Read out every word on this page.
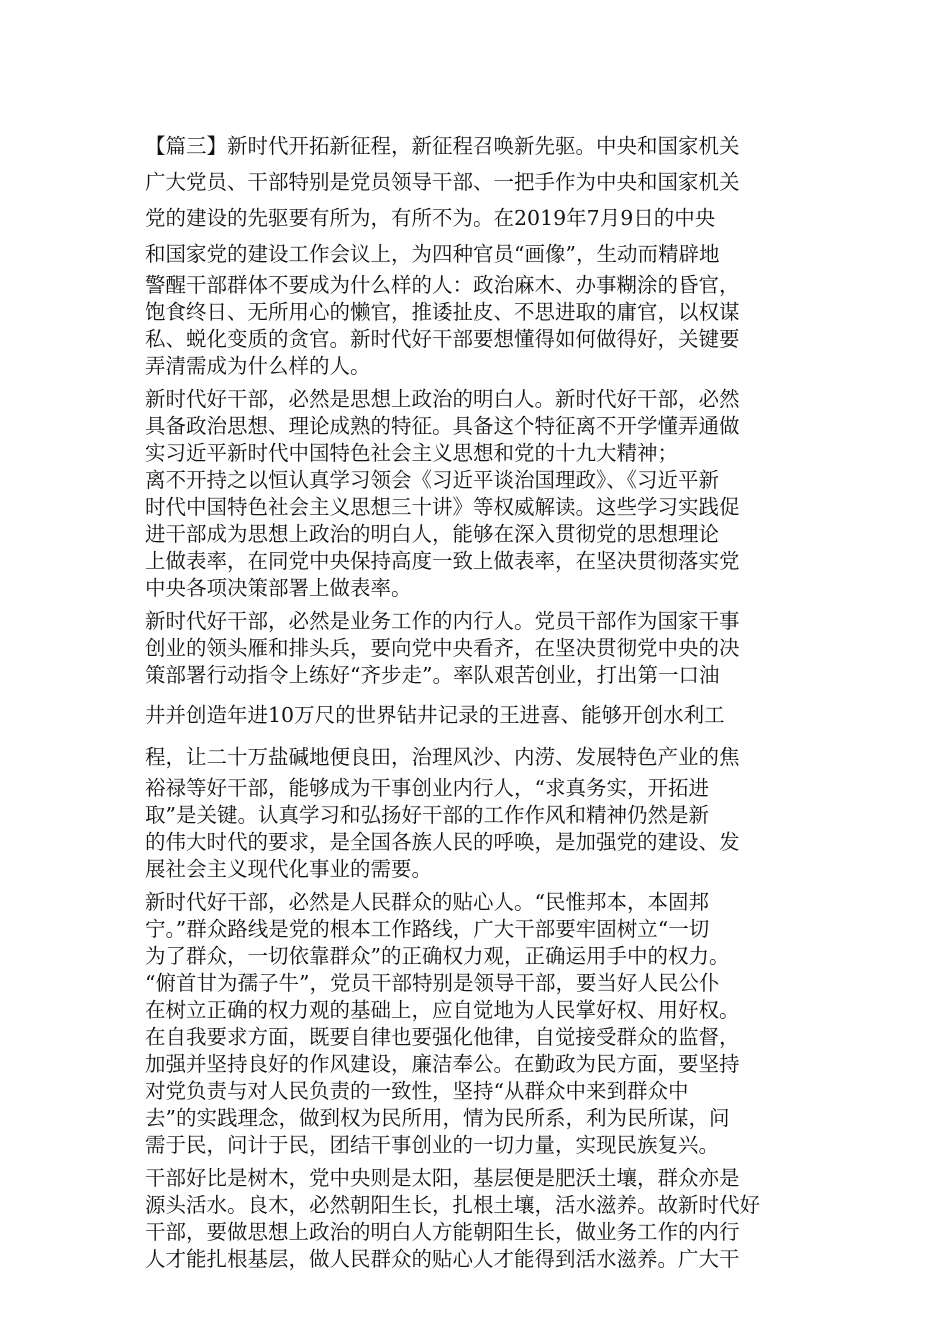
【篇三】新时代开拓新征程，新征程召唤新先驱。中央和国家机关
广大党员、干部特别是党员领导干部、一把手作为中央和国家机关
党的建设的先驱要有所为，有所不为。在2019年7月9日的中央
和国家党的建设工作会议上，为四种官员“画像”，生动而精辟地
警醒干部群体不要成为什么样的人：政治麻木、办事糊涂的昏官，
饱食终日、无所用心的懒官，推诿扯皮、不思进取的庸官，以权谋
私、蜕化变质的贪官。新时代好干部要想懂得如何做得好，关键要
弄清需成为什么样的人。
新时代好干部，必然是思想上政治的明白人。新时代好干部，必然
具备政治思想、理论成熟的特征。具备这个特征离不开学懂弄通做
实习近平新时代中国特色社会主义思想和党的十九大精神；
离不开持之以恒认真学习领会《习近平谈治国理政》、《习近平新
时代中国特色社会主义思想三十讲》等权威解读。这些学习实践促
进干部成为思想上政治的明白人，能够在深入贯彻党的思想理论
上做表率，在同党中央保持高度一致上做表率，在坚决贯彻落实党
中央各项决策部署上做表率。
新时代好干部，必然是业务工作的内行人。党员干部作为国家干事
创业的领头雁和排头兵，要向党中央看齐，在坚决贯彻党中央的决
策部署行动指令上练好“齐步走”。率队艰苦创业，打出第一口油
井并创造年进10万尺的世界钻井记录的王进喜、能够开创水利工
程，让二十万盐碱地便良田，治理风沙、内涝、发展特色产业的焦
裕禄等好干部，能够成为干事创业内行人，“求真务实，开拓进
取”是关键。认真学习和弘扬好干部的工作作风和精神仍然是新
的伟大时代的要求，是全国各族人民的呼唤，是加强党的建设、发
展社会主义现代化事业的需要。
新时代好干部，必然是人民群众的贴心人。“民惟邦本，本固邦
宁。”群众路线是党的根本工作路线，广大干部要牢固树立“一切
为了群众，一切依靠群众”的正确权力观，正确运用手中的权力。
“俯首甘为孺子牛”，党员干部特别是领导干部，要当好人民公仆
在树立正确的权力观的基础上，应自觉地为人民掌好权、用好权。
在自我要求方面，既要自律也要强化他律，自觉接受群众的监督，
加强并坚持良好的作风建设，廉洁奉公。在勤政为民方面，要坚持
对党负责与对人民负责的一致性，坚持“从群众中来到群众中
去”的实践理念，做到权为民所用，情为民所系，利为民所谋，问
需于民，问计于民，团结干事创业的一切力量，实现民族复兴。
干部好比是树木，党中央则是太阳，基层便是肥沃土壤，群众亦是
源头活水。良木，必然朝阳生长，扎根土壤，活水滋养。故新时代好
干部，要做思想上政治的明白人方能朝阳生长，做业务工作的内行
人才能扎根基层，做人民群众的贴心人才能得到活水滋养。广大干
